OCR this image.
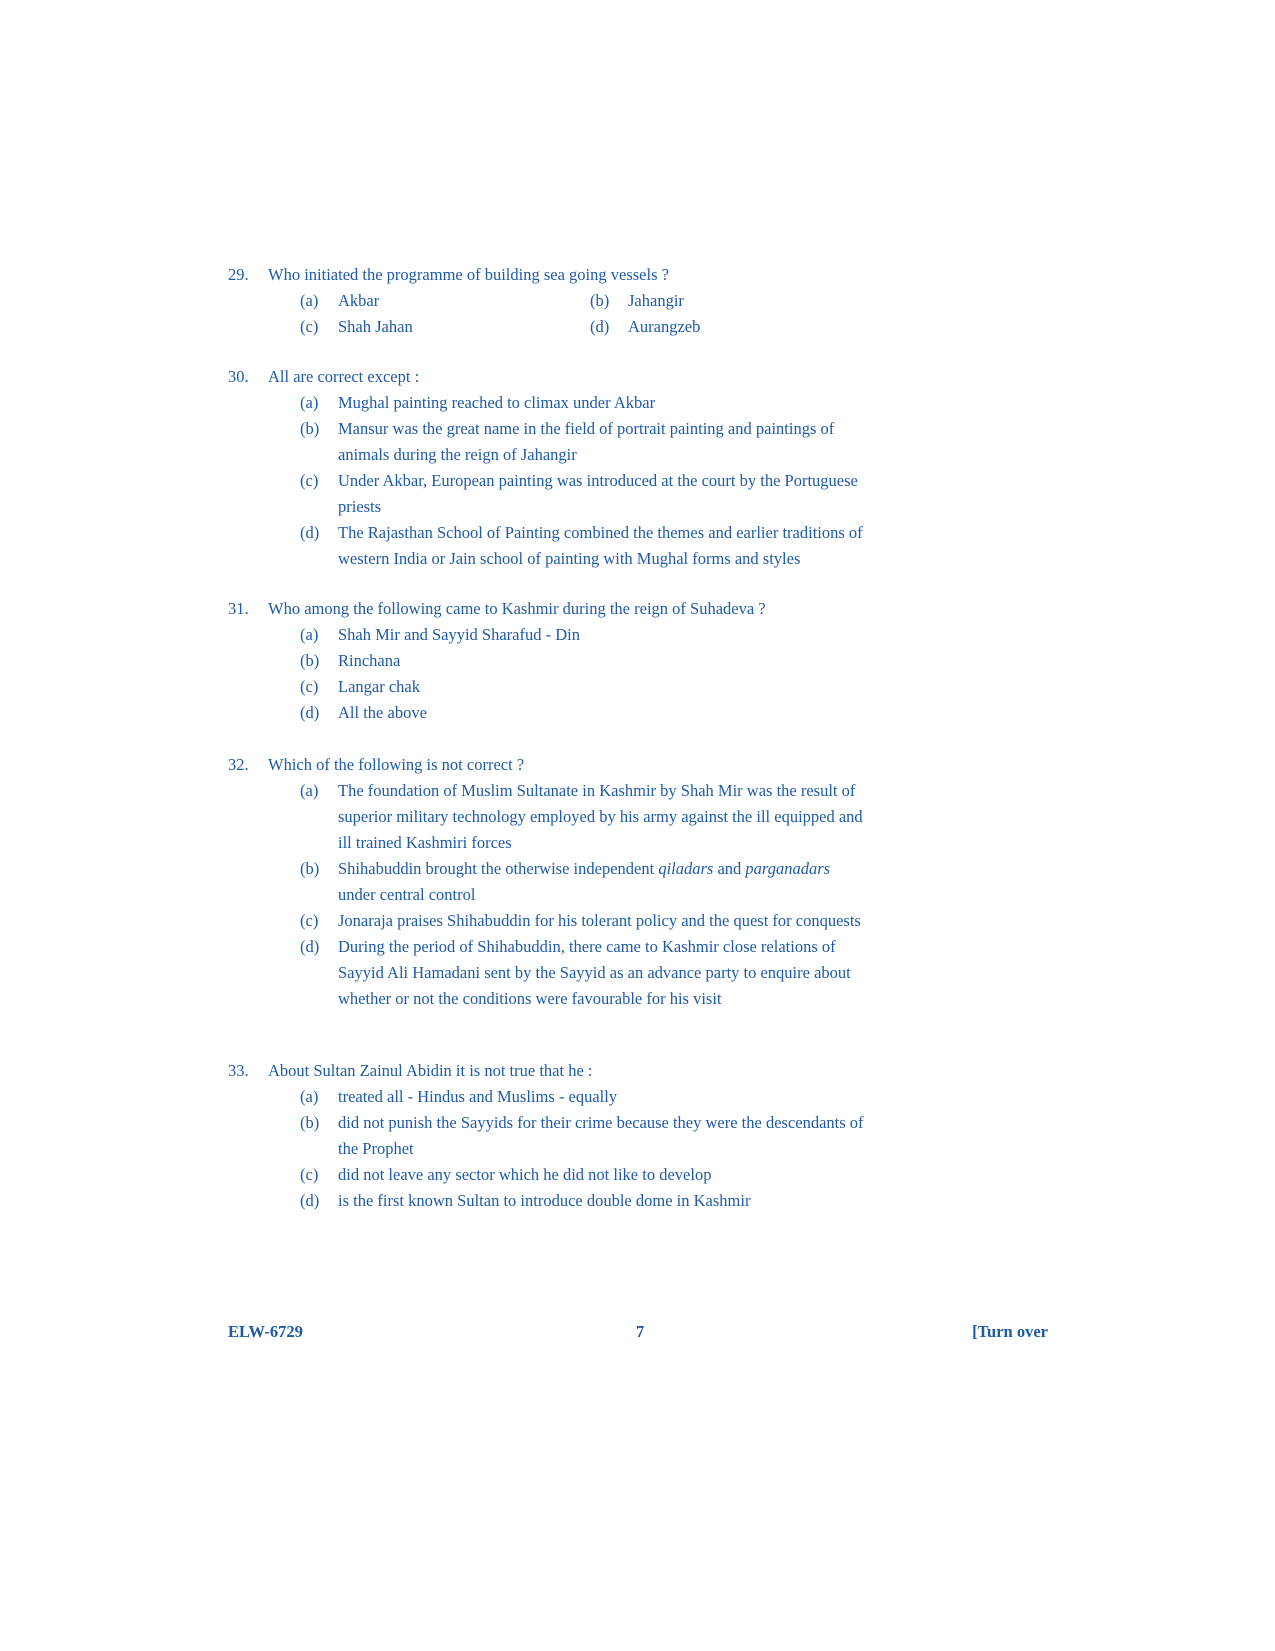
29.	Who initiated the programme of building sea going vessels ?
(a)	Akbar	(b)	Jahangir
(c)	Shah Jahan	(d)	Aurangzeb
30.	All are correct except :
(a)	Mughal painting reached to climax under Akbar
(b)	Mansur was the great name in the field of portrait painting and paintings of animals during the reign of Jahangir
(c)	Under Akbar, European painting was introduced at the court by the Portuguese priests
(d)	The Rajasthan School of Painting combined the themes and earlier traditions of western India or Jain school of painting with Mughal forms and styles
31.	Who among the following came to Kashmir during the reign of Suhadeva ?
(a)	Shah Mir and Sayyid Sharafud - Din
(b)	Rinchana
(c)	Langar chak
(d)	All the above
32.	Which of the following is not correct ?
(a)	The foundation of Muslim Sultanate in Kashmir by Shah Mir was the result of superior military technology employed by his army against the ill equipped and ill trained Kashmiri forces
(b)	Shihabuddin brought the otherwise independent qiladars and parganadars under central control
(c)	Jonaraja praises Shihabuddin for his tolerant policy and the quest for conquests
(d)	During the period of Shihabuddin, there came to Kashmir close relations of Sayyid Ali Hamadani sent by the Sayyid as an advance party to enquire about whether or not the conditions were favourable for his visit
33.	About Sultan Zainul Abidin it is not true that he :
(a)	treated all - Hindus and Muslims - equally
(b)	did not punish the Sayyids for their crime because they were the descendants of the Prophet
(c)	did not leave any sector which he did not like to develop
(d)	is the first known Sultan to introduce double dome in Kashmir
ELW-6729	7	[Turn over
